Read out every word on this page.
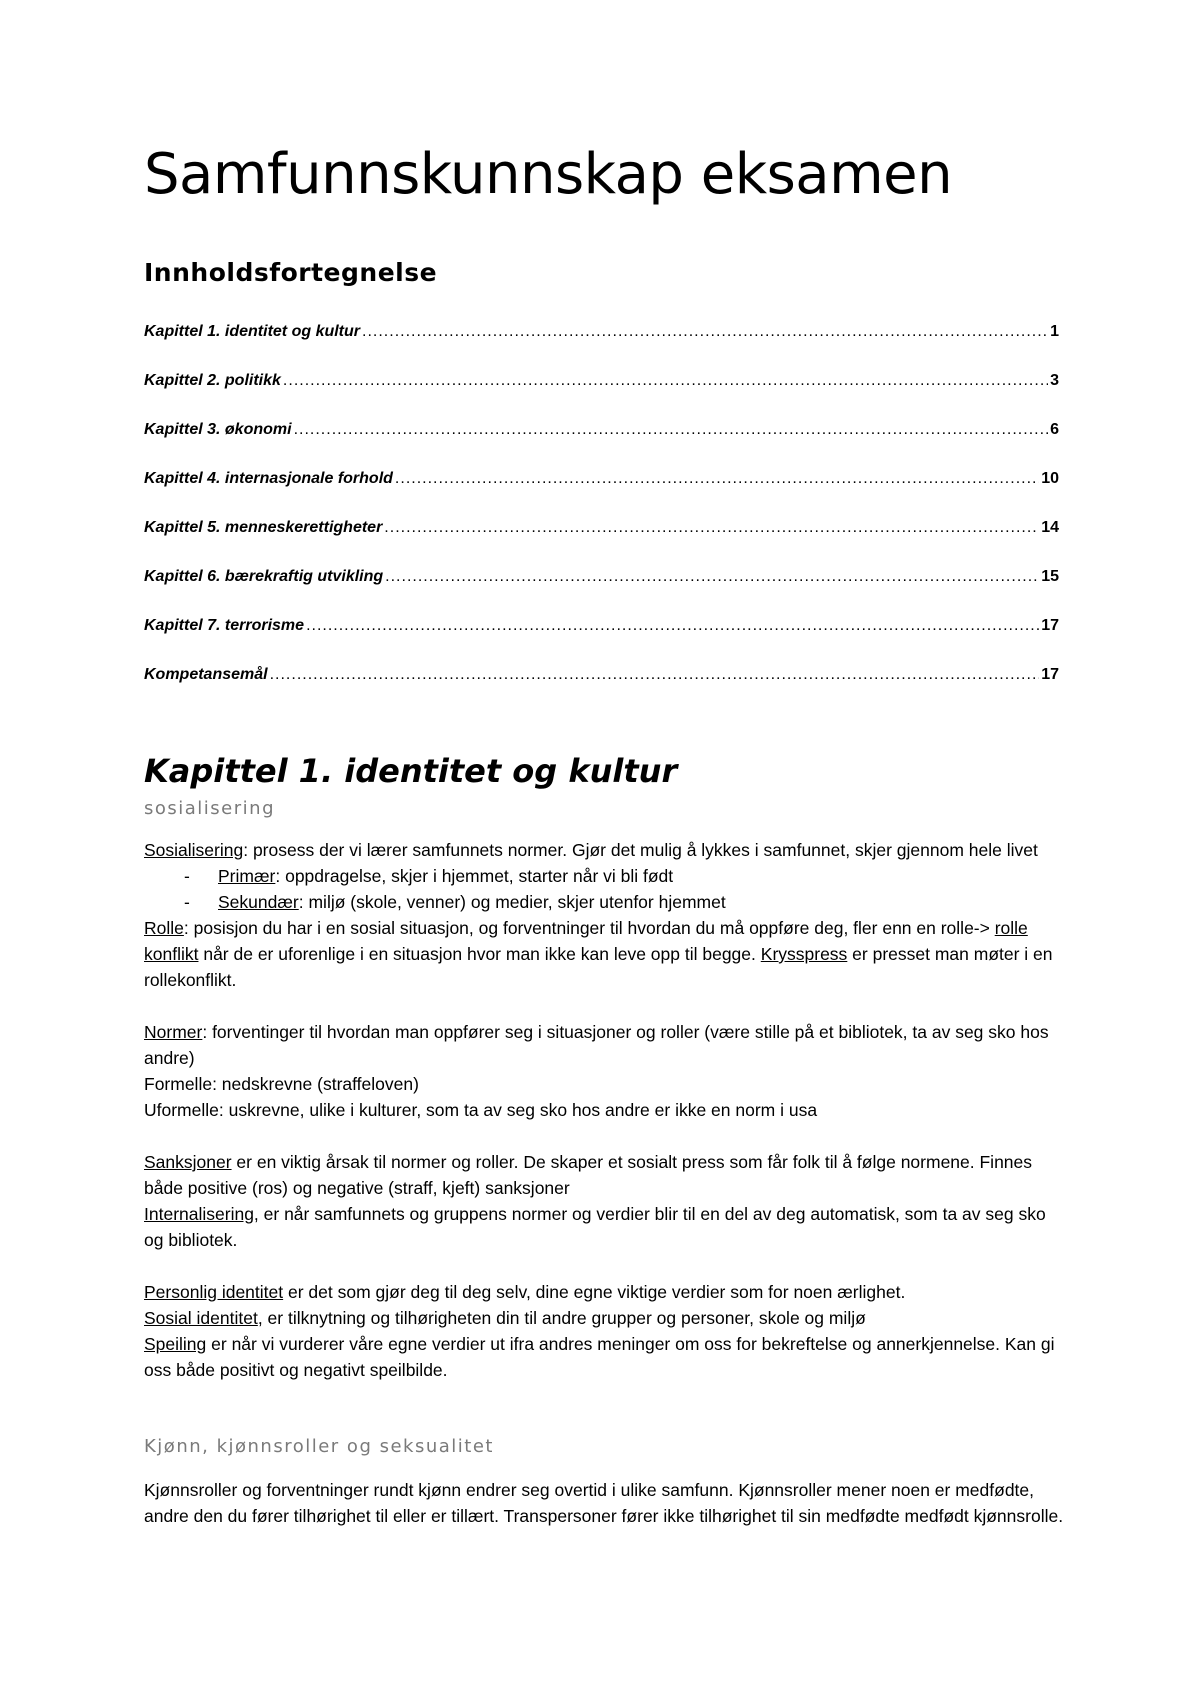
Samfunnskunnskap eksamen
Innholdsfortegnelse
Kapittel 1. identitet og kultur .....	1
Kapittel 2. politikk .....	3
Kapittel 3. økonomi .....	6
Kapittel 4. internasjonale forhold .....	10
Kapittel 5. menneskerettigheter .....	14
Kapittel 6. bærekraftig utvikling .....	15
Kapittel 7. terrorisme .....	17
Kompetansemål .....	17
Kapittel 1. identitet og kultur
sosialisering

Sosialisering: prosess der vi lærer samfunnets normer. Gjør det mulig å lykkes i samfunnet, skjer gjennom hele livet

-	Primær: oppdragelse, skjer i hjemmet, starter når vi bli født
-	Sekundær: miljø (skole, venner) og medier, skjer utenfor hjemmet

Rolle: posisjon du har i en sosial situasjon, og forventninger til hvordan du må oppføre deg, fler enn en rolle-> rolle konflikt når de er uforenlige i en situasjon hvor man ikke kan leve opp til begge. Krysspress er presset man møter i en rollekonflikt.

Normer: forventinger til hvordan man oppfører seg i situasjoner og roller (være stille på et bibliotek, ta av seg sko hos andre)

Formelle: nedskrevne (straffeloven)

Uformelle: uskrevne, ulike i kulturer, som ta av seg sko hos andre er ikke en norm i usa

Sanksjoner er en viktig årsak til normer og roller. De skaper et sosialt press som får folk til å følge normene. Finnes både positive (ros) og negative (straff, kjeft) sanksjoner

Internalisering, er når samfunnets og gruppens normer og verdier blir til en del av deg automatisk, som ta av seg sko og bibliotek.

Personlig identitet er det som gjør deg til deg selv, dine egne viktige verdier som for noen ærlighet.

Sosial identitet, er tilknytning og tilhørigheten din til andre grupper og personer, skole og miljø

Speiling er når vi vurderer våre egne verdier ut ifra andres meninger om oss for bekreftelse og annerkjennelse. Kan gi oss både positivt og negativt speilbilde.

Kjønn, kjønnsroller og seksualitet

Kjønnsroller og forventninger rundt kjønn endrer seg overtid i ulike samfunn. Kjønnsroller mener noen er medfødte, andre den du fører tilhørighet til eller er tillært. Transpersoner fører ikke tilhørighet til sin medfødte medfødt kjønnsrolle.
